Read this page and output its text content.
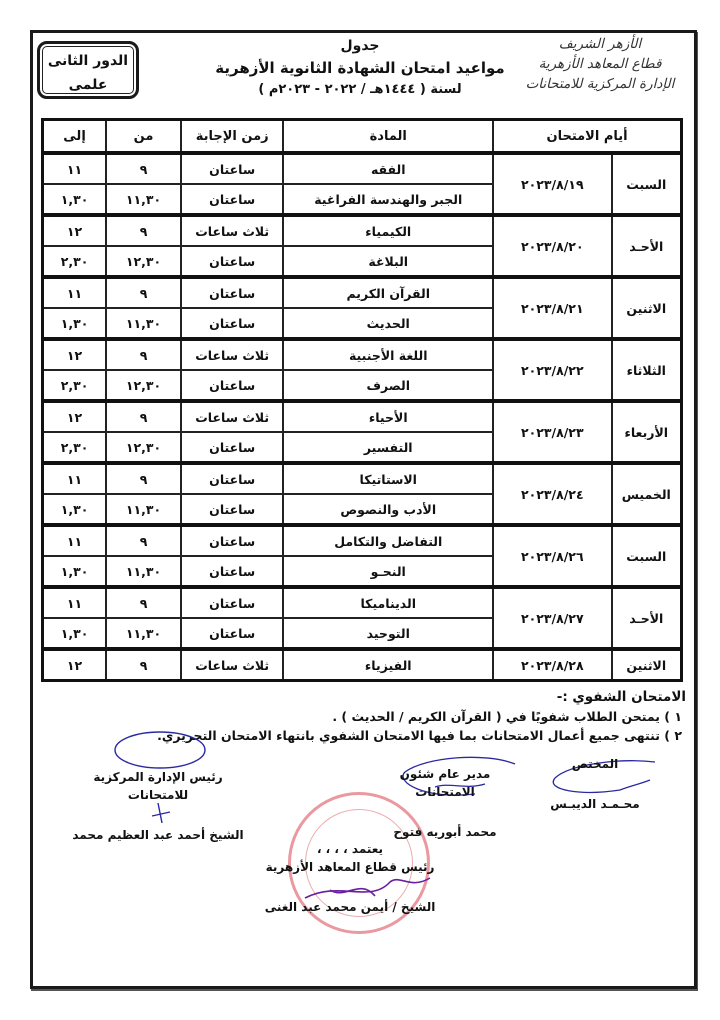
الأزهر الشريف
قطاع المعاهد الأزهرية
الإدارة المركزية للامتحانات
جدول
مواعيد امتحان الشهادة الثانوية الأزهرية
لسنة ( ١٤٤٤هـ / ٢٠٢٢ - ٢٠٢٣م )
الدور الثانى
علمى
أيام الامتحان		المادة	زمن الإجابة	من	إلى
السبت	٢٠٢٣/٨/١٩	الفقه	ساعتان	٩	١١
		الجبر والهندسة الفراغية	ساعتان	١١,٣٠	١,٣٠
الأحـد	٢٠٢٣/٨/٢٠	الكيمياء	ثلاث ساعات	٩	١٢
		البلاغة	ساعتان	١٢,٣٠	٢,٣٠
الاثنين	٢٠٢٣/٨/٢١	القرآن الكريم	ساعتان	٩	١١
		الحديث	ساعتان	١١,٣٠	١,٣٠
الثلاثاء	٢٠٢٣/٨/٢٢	اللغة الأجنبية	ثلاث ساعات	٩	١٢
		الصرف	ساعتان	١٢,٣٠	٢,٣٠
الأربعاء	٢٠٢٣/٨/٢٣	الأحياء	ثلاث ساعات	٩	١٢
		التفسير	ساعتان	١٢,٣٠	٢,٣٠
الخميس	٢٠٢٣/٨/٢٤	الاستاتيكا	ساعتان	٩	١١
		الأدب والنصوص	ساعتان	١١,٣٠	١,٣٠
السبت	٢٠٢٣/٨/٢٦	التفاضل والتكامل	ساعتان	٩	١١
		النحـو	ساعتان	١١,٣٠	١,٣٠
الأحـد	٢٠٢٣/٨/٢٧	الديناميكا	ساعتان	٩	١١
		التوحيد	ساعتان	١١,٣٠	١,٣٠
الاثنين	٢٠٢٣/٨/٢٨	الفيزياء	ثلاث ساعات	٩	١٢
الامتحان الشفوي :-
١ ) يمتحن الطلاب شفويًا في ( القرآن الكريم / الحديث ) .
٢ ) تنتهى جميع أعمال الامتحانات بما فيها الامتحان الشفوي بانتهاء الامتحان التحريري.
رئيس الإدارة المركزية للامتحانات
الشيخ أحمد عبد العظيم محمد
مدير عام شئون الامتحانات
محمد أبوريه فتوح
المختص
محـمـد الديبـس
يعتمد ، ، ، ،
رئيس قطاع المعاهد الأزهرية
الشيخ / أيمن محمد عبد الغنى
